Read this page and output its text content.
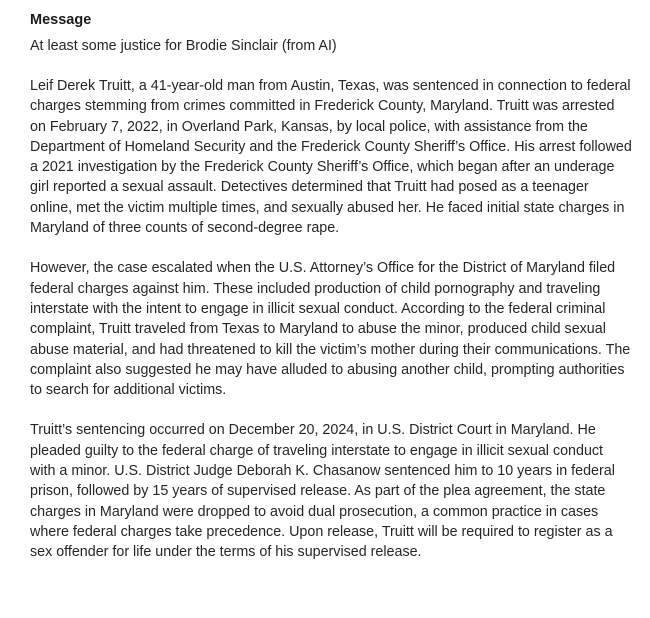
Message
At least some justice for Brodie Sinclair (from AI)

Leif Derek Truitt, a 41-year-old man from Austin, Texas, was sentenced in connection to federal charges stemming from crimes committed in Frederick County, Maryland. Truitt was arrested on February 7, 2022, in Overland Park, Kansas, by local police, with assistance from the Department of Homeland Security and the Frederick County Sheriff’s Office. His arrest followed a 2021 investigation by the Frederick County Sheriff’s Office, which began after an underage girl reported a sexual assault. Detectives determined that Truitt had posed as a teenager online, met the victim multiple times, and sexually abused her. He faced initial state charges in Maryland of three counts of second-degree rape.

However, the case escalated when the U.S. Attorney’s Office for the District of Maryland filed federal charges against him. These included production of child pornography and traveling interstate with the intent to engage in illicit sexual conduct. According to the federal criminal complaint, Truitt traveled from Texas to Maryland to abuse the minor, produced child sexual abuse material, and had threatened to kill the victim’s mother during their communications. The complaint also suggested he may have alluded to abusing another child, prompting authorities to search for additional victims.

Truitt’s sentencing occurred on December 20, 2024, in U.S. District Court in Maryland. He pleaded guilty to the federal charge of traveling interstate to engage in illicit sexual conduct with a minor. U.S. District Judge Deborah K. Chasanow sentenced him to 10 years in federal prison, followed by 15 years of supervised release. As part of the plea agreement, the state charges in Maryland were dropped to avoid dual prosecution, a common practice in cases where federal charges take precedence. Upon release, Truitt will be required to register as a sex offender for life under the terms of his supervised release.
